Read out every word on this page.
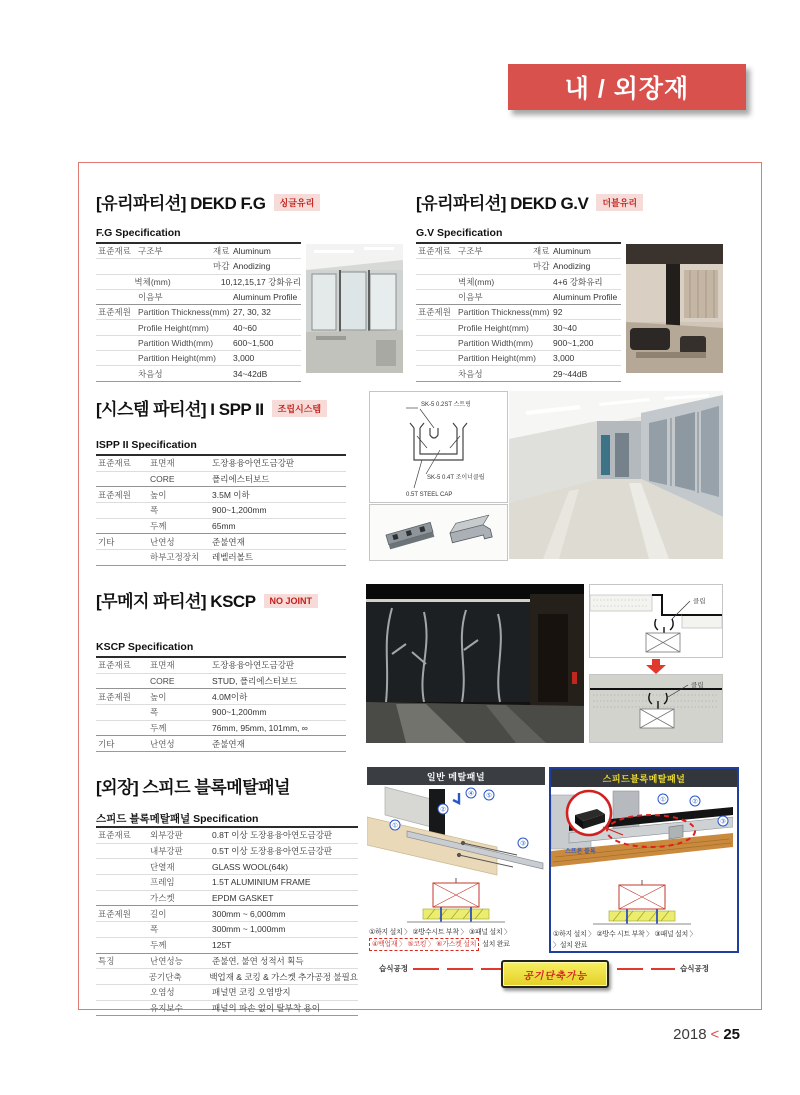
내 / 외장재
[유리파티션] DEKD F.G 싱글유리
F.G Specification
표준재료 구조부	재료 Aluminum
마감 Anodizing
벽체(mm)	10,12,15,17 강화유리
이음부	Aluminum Profile
표준제원 Partition Thickness(mm) 27, 30, 32
Profile Height(mm)	40~60
Partition Width(mm) 600~1,500
Partition Height(mm) 3,000
차음성	34~42dB
[유리파티션] DEKD G.V 더블유리
G.V Specification
표준재료 구조부	재료 Aluminum
마감 Anodizing
벽체(mm)	4+6 강화유리
이음부	Aluminum Profile
표준제원 Partition Thickness(mm) 92
Profile Height(mm)	30~40
Partition Width(mm) 900~1,200
Partition Height(mm) 3,000
차음성	29~44dB
[시스템 파티션] I SPP II 조립시스템
ISPP II Specification
표준재료	표면재	도장용융아연도금강판
CORE	폴리에스터보드
표준제원	높이	3.5M 이하
폭	900~1,200mm
두께	65mm
기타	난연성	준불연재
하부고정장치	레벨러볼트
SK-5 0.2ST 스트링
SK-5 0.4T 조이너클립
0.5T STEEL CAP
[무메지 파티션] KSCP NO JOINT
KSCP Specification
표준재료	표면재	도장용융아연도금강판
CORE	STUD, 폴리에스터보드
표준제원	높이	4.0M이하
폭	900~1,200mm
두께	76mm, 95mm, 101mm, ∞
기타	난연성	준불연재
클립
클립
[외장] 스피드 블록메탈패널
스피드 블록메탈패널 Specification
표준재료	외부강판	0.8T 이상 도장용융아연도금강판
내부강판	0.5T 이상 도장용융아연도금강판
단열재	GLASS WOOL(64k)
프레임	1.5T ALUMINIUM FRAME
가스켓	EPDM GASKET
표준제원	길이	300mm ~ 6,000mm
폭	300mm ~ 1,000mm
두께	125T
특징	난연성능	준불연, 불연 성적서 획득
공기단축	백업재 & 코킹 & 가스켓 추가공정 불필요
오염성	패널면 코킹 오염방지
유지보수	패널의 파손 없이 탈부착 용이
일반 메탈패널
①
②
③
④ ⑤
①하지 설치 〉 ②방수시트 부착 〉 ③패널 설치 〉
④백업재 〉 ⑤코킹 〉 ⑥가스켓 설치 설치 완료
스피드블록메탈패널
스프론 블록
①	②
③
①하지 설치 〉 ②방수 시트 부착 〉 ③패널 설치 〉
〉설치 완료
습식공정	습식공정
공기단축가능
2018 < 25
